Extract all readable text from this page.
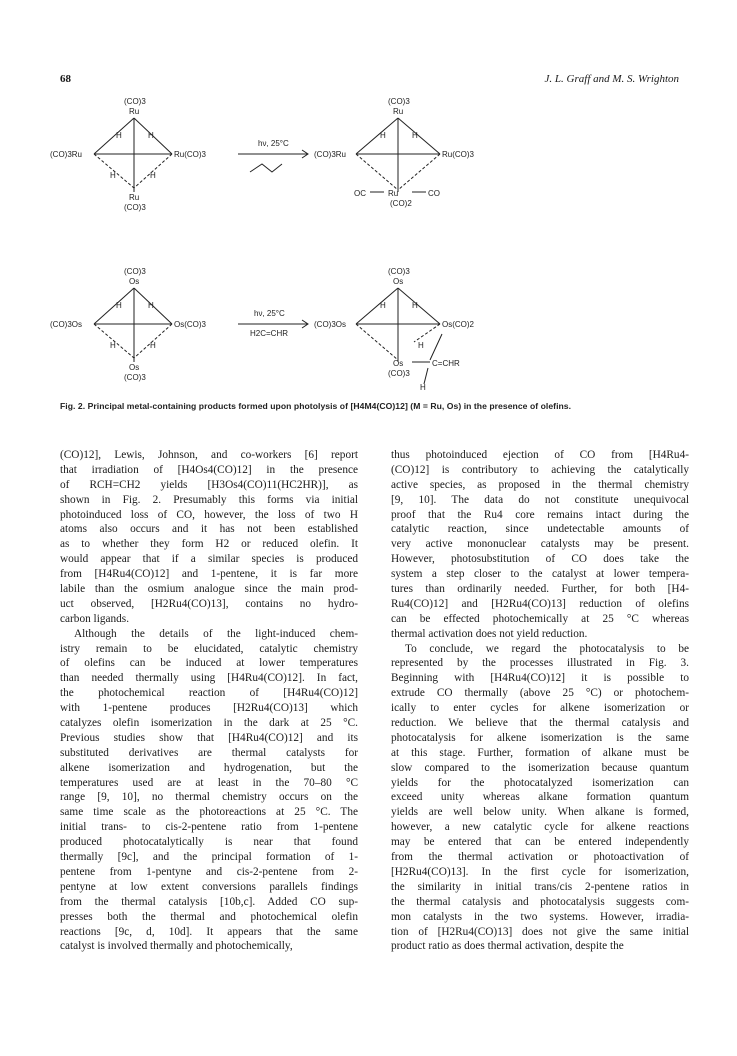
68	J. L. Graff and M. S. Wrighton
(CO)3
Ru
(CO)3Ru	Ru(CO)3
Ru
(CO)3
H	H
H	H
hν, 25°C
(CO)3
Ru
(CO)3Ru	Ru(CO)3
Ru
(CO)2
OC	CO
H	H
(CO)3
Os
(CO)3Os	Os(CO)3
Os
(CO)3
H	H
H	H
hν, 25°C
H2C=CHR
(CO)3
Os
(CO)3Os	Os(CO)2
Os
(CO)3
C=CHR
H	H
H
H
Fig. 2. Principal metal-containing products formed upon photolysis of [H4M4(CO)12] (M = Ru, Os) in the presence of olefins.
(CO)12], Lewis, Johnson, and co-workers [6] report
that irradiation of [H4Os4(CO)12] in the presence
of RCH=CH2 yields [H3Os4(CO)11(HC2HR)], as
shown in Fig. 2. Presumably this forms via initial
photoinduced loss of CO, however, the loss of two H
atoms also occurs and it has not been established
as to whether they form H2 or reduced olefin. It
would appear that if a similar species is produced
from [H4Ru4(CO)12] and 1-pentene, it is far more
labile than the osmium analogue since the main prod-
uct observed, [H2Ru4(CO)13], contains no hydro-
carbon ligands.
Although the details of the light-induced chem-
istry remain to be elucidated, catalytic chemistry
of olefins can be induced at lower temperatures
than needed thermally using [H4Ru4(CO)12]. In fact,
the photochemical reaction of [H4Ru4(CO)12]
with 1-pentene produces [H2Ru4(CO)13] which
catalyzes olefin isomerization in the dark at 25 °C.
Previous studies show that [H4Ru4(CO)12] and its
substituted derivatives are thermal catalysts for
alkene isomerization and hydrogenation, but the
temperatures used are at least in the 70–80 °C
range [9, 10], no thermal chemistry occurs on the
same time scale as the photoreactions at 25 °C. The
initial trans- to cis-2-pentene ratio from 1-pentene
produced photocatalytically is near that found
thermally [9c], and the principal formation of 1-
pentene from 1-pentyne and cis-2-pentene from 2-
pentyne at low extent conversions parallels findings
from the thermal catalysis [10b,c]. Added CO sup-
presses both the thermal and photochemical olefin
reactions [9c, d, 10d]. It appears that the same
catalyst is involved thermally and photochemically,
thus photoinduced ejection of CO from [H4Ru4-
(CO)12] is contributory to achieving the catalytically
active species, as proposed in the thermal chemistry
[9, 10]. The data do not constitute unequivocal
proof that the Ru4 core remains intact during the
catalytic reaction, since undetectable amounts of
very active mononuclear catalysts may be present.
However, photosubstitution of CO does take the
system a step closer to the catalyst at lower tempera-
tures than ordinarily needed. Further, for both [H4-
Ru4(CO)12] and [H2Ru4(CO)13] reduction of olefins
can be effected photochemically at 25 °C whereas
thermal activation does not yield reduction.
To conclude, we regard the photocatalysis to be
represented by the processes illustrated in Fig. 3.
Beginning with [H4Ru4(CO)12] it is possible to
extrude CO thermally (above 25 °C) or photochem-
ically to enter cycles for alkene isomerization or
reduction. We believe that the thermal catalysis and
photocatalysis for alkene isomerization is the same
at this stage. Further, formation of alkane must be
slow compared to the isomerization because quantum
yields for the photocatalyzed isomerization can
exceed unity whereas alkane formation quantum
yields are well below unity. When alkane is formed,
however, a new catalytic cycle for alkene reactions
may be entered that can be entered independently
from the thermal activation or photoactivation of
[H2Ru4(CO)13]. In the first cycle for isomerization,
the similarity in initial trans/cis 2-pentene ratios in
the thermal catalysis and photocatalysis suggests com-
mon catalysts in the two systems. However, irradia-
tion of [H2Ru4(CO)13] does not give the same initial
product ratio as does thermal activation, despite the
